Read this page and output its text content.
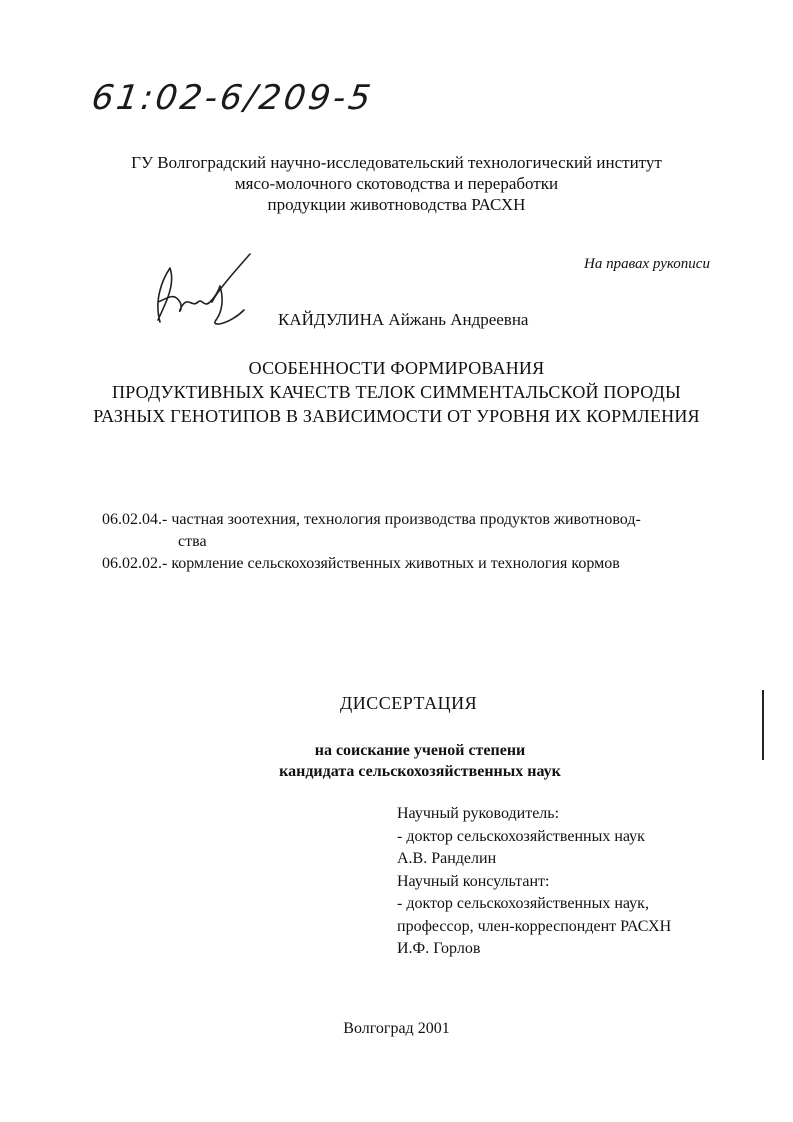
61:02-6/209-5
ГУ Волгоградский научно-исследовательский технологический институт
мясо-молочного скотоводства и переработки
продукции животноводства РАСХН
На правах рукописи
КАЙДУЛИНА Айжань Андреевна
ОСОБЕННОСТИ ФОРМИРОВАНИЯ
ПРОДУКТИВНЫХ КАЧЕСТВ ТЕЛОК СИММЕНТАЛЬСКОЙ ПОРОДЫ
РАЗНЫХ ГЕНОТИПОВ В ЗАВИСИМОСТИ ОТ УРОВНЯ ИХ КОРМЛЕНИЯ
06.02.04.- частная зоотехния, технология производства продуктов животновод-
ства
06.02.02.- кормление сельскохозяйственных животных и технология кормов
ДИССЕРТАЦИЯ
на соискание ученой степени
кандидата сельскохозяйственных наук
Научный руководитель:
- доктор сельскохозяйственных наук
А.В. Ранделин
Научный консультант:
- доктор сельскохозяйственных наук,
профессор, член-корреспондент РАСХН
И.Ф. Горлов
Волгоград 2001
